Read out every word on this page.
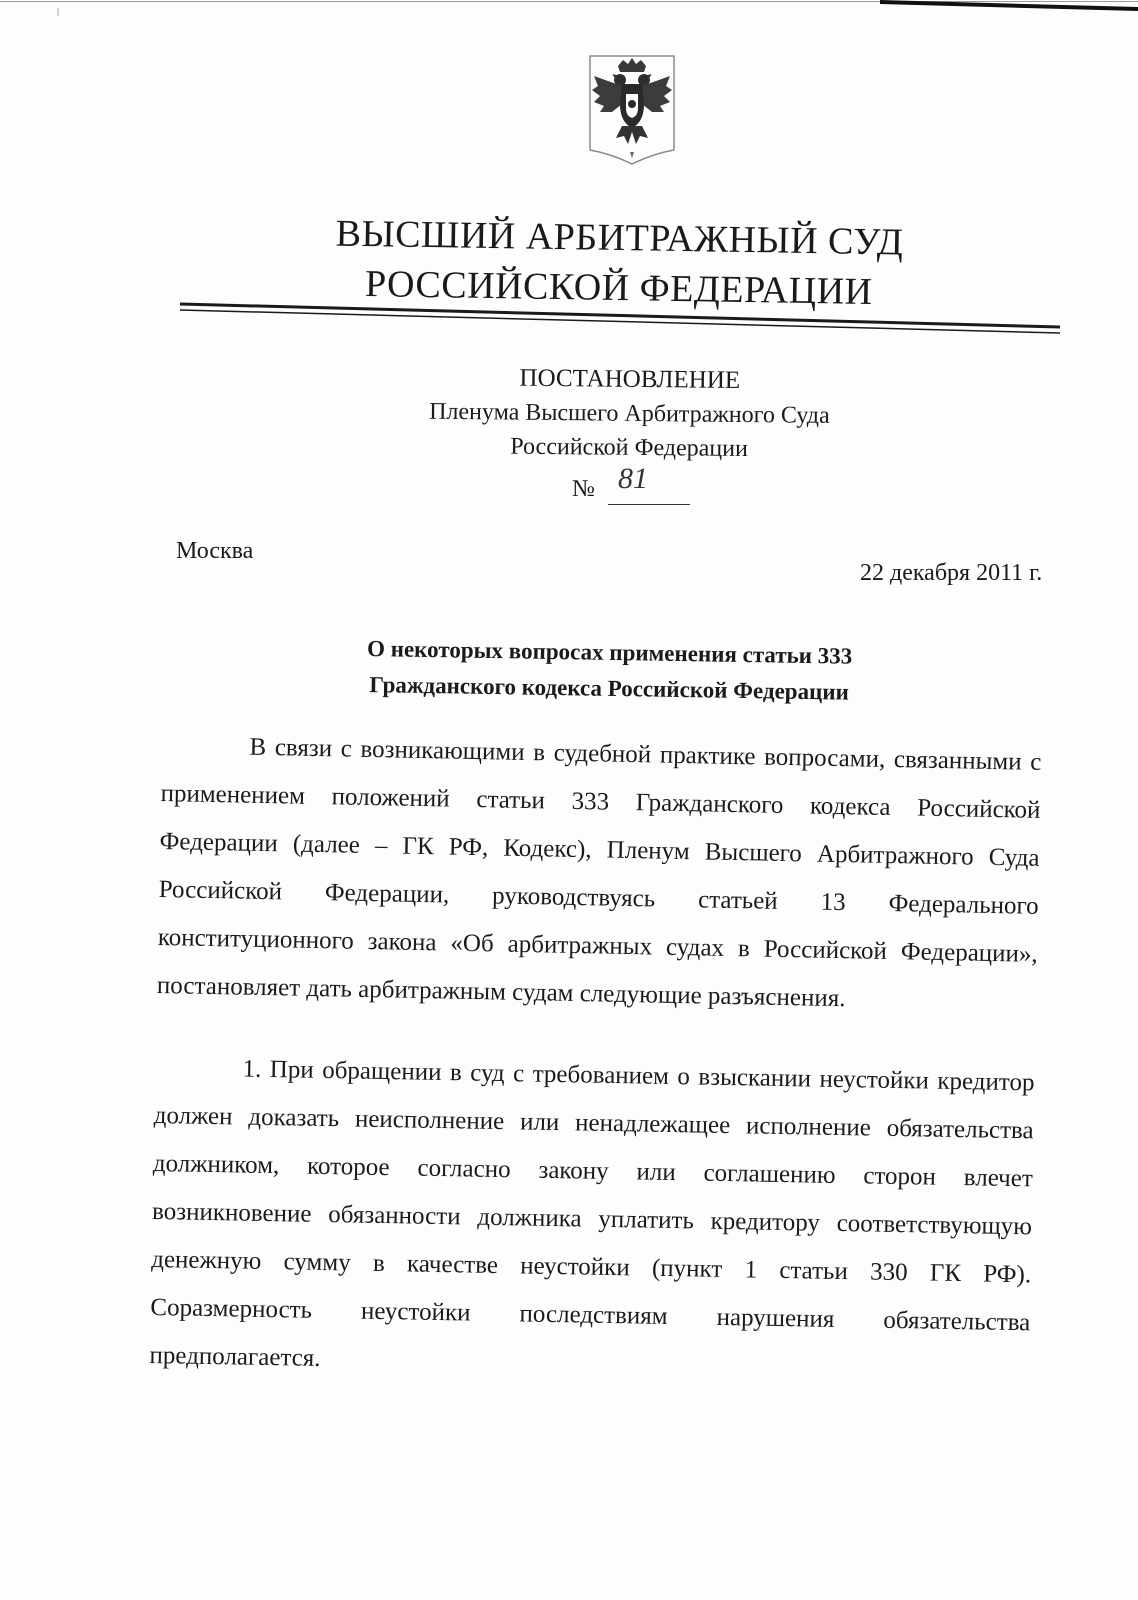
ВЫСШИЙ АРБИТРАЖНЫЙ СУД
РОССИЙСКОЙ ФЕДЕРАЦИИ
ПОСТАНОВЛЕНИЕ
Пленума Высшего Арбитражного Суда
Российской Федерации
№ 81
Москва
22 декабря 2011 г.
О некоторых вопросах применения статьи 333
Гражданского кодекса Российской Федерации
В связи с возникающими в судебной практике вопросами, связанными с применением положений статьи 333 Гражданского кодекса Российской Федерации (далее – ГК РФ, Кодекс), Пленум Высшего Арбитражного Суда Российской Федерации, руководствуясь статьей 13 Федерального конституционного закона «Об арбитражных судах в Российской Федерации», постановляет дать арбитражным судам следующие разъяснения.
1. При обращении в суд с требованием о взыскании неустойки кредитор должен доказать неисполнение или ненадлежащее исполнение обязательства должником, которое согласно закону или соглашению сторон влечет возникновение обязанности должника уплатить кредитору соответствующую денежную сумму в качестве неустойки (пункт 1 статьи 330 ГК РФ). Соразмерность неустойки последствиям нарушения обязательства предполагается.
